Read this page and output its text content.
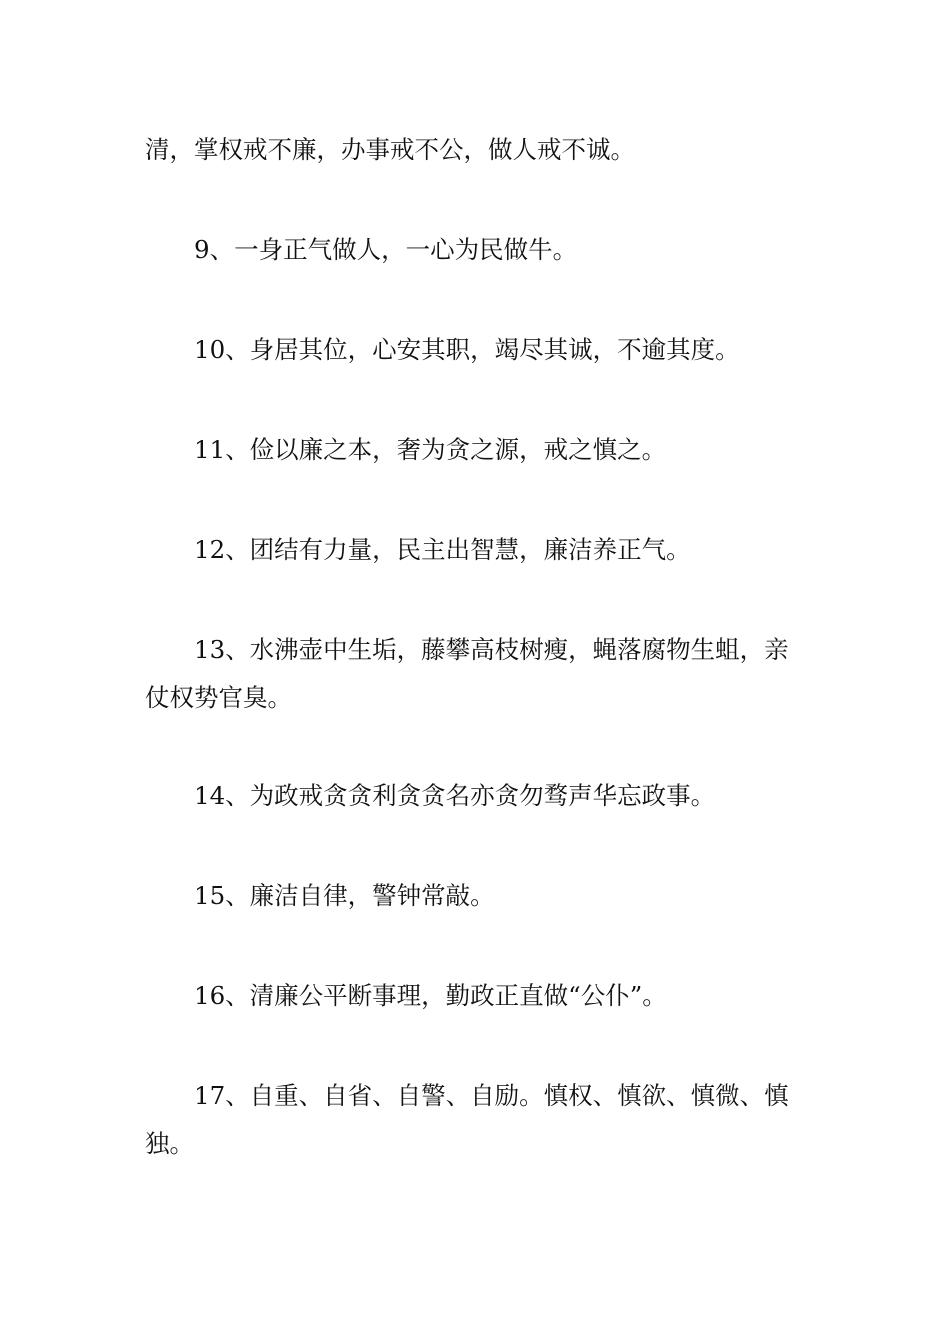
清，掌权戒不廉，办事戒不公，做人戒不诚。

9、一身正气做人，一心为民做牛。

10、身居其位，心安其职，竭尽其诚，不逾其度。

11、俭以廉之本，奢为贪之源，戒之慎之。

12、团结有力量，民主出智慧，廉洁养正气。

13、水沸壶中生垢，藤攀高枝树瘦，蝇落腐物生蛆，亲仗权势官臭。

14、为政戒贪贪利贪贪名亦贪勿骛声华忘政事。

15、廉洁自律，警钟常敲。

16、清廉公平断事理，勤政正直做“公仆”。

17、自重、自省、自警、自励。慎权、慎欲、慎微、慎独。
